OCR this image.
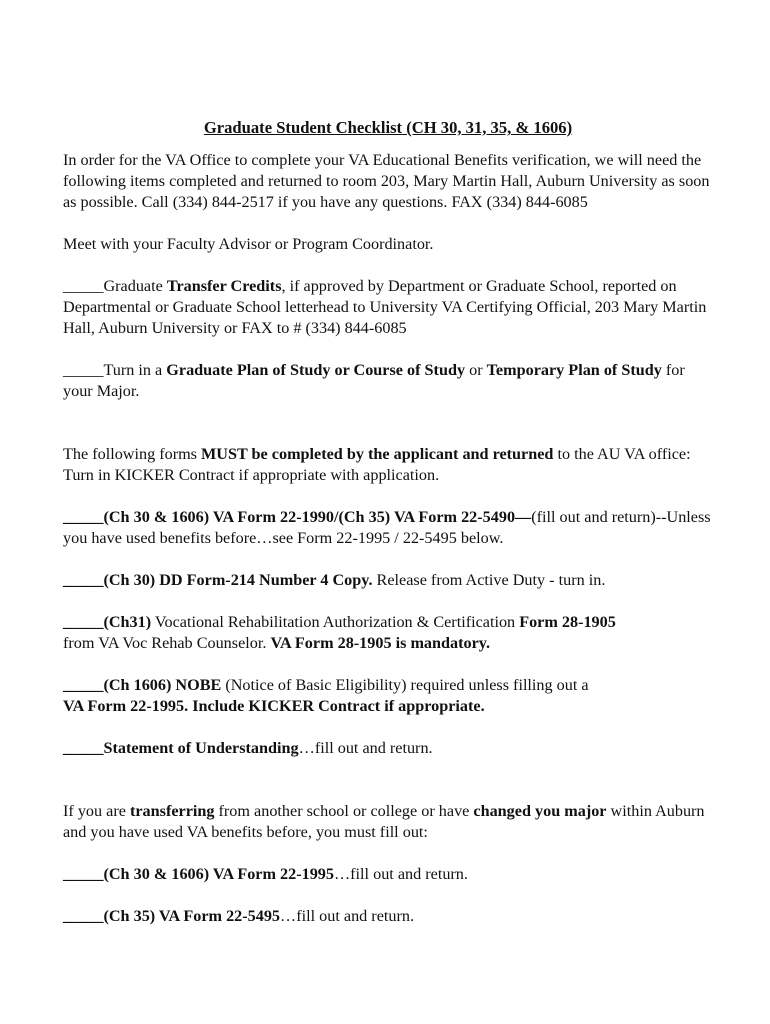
Graduate Student Checklist (CH 30, 31, 35, & 1606)

In order for the VA Office to complete your VA Educational Benefits verification, we will need the following items completed and returned to room 203, Mary Martin Hall, Auburn University as soon as possible. Call (334) 844-2517 if you have any questions. FAX (334) 844-6085

Meet with your Faculty Advisor or Program Coordinator.

_____Graduate Transfer Credits, if approved by Department or Graduate School, reported on Departmental or Graduate School letterhead to University VA Certifying Official, 203 Mary Martin Hall, Auburn University or FAX to # (334) 844-6085

_____Turn in a Graduate Plan of Study or Course of Study or Temporary Plan of Study for your Major.

The following forms MUST be completed by the applicant and returned to the AU VA office: Turn in KICKER Contract if appropriate with application.

_____(Ch 30 & 1606) VA Form 22-1990/(Ch 35) VA Form 22-5490—(fill out and return)--Unless you have used benefits before…see Form 22-1995 / 22-5495 below.

_____(Ch 30) DD Form-214 Number 4 Copy. Release from Active Duty - turn in.

_____(Ch31) Vocational Rehabilitation Authorization & Certification Form 28-1905
from VA Voc Rehab Counselor. VA Form 28-1905 is mandatory.

_____(Ch 1606) NOBE (Notice of Basic Eligibility) required unless filling out a
VA Form 22-1995. Include KICKER Contract if appropriate.

_____Statement of Understanding…fill out and return.

If you are transferring from another school or college or have changed you major within Auburn and you have used VA benefits before, you must fill out:

_____(Ch 30 & 1606) VA Form 22-1995…fill out and return.

_____(Ch 35) VA Form 22-5495…fill out and return.
